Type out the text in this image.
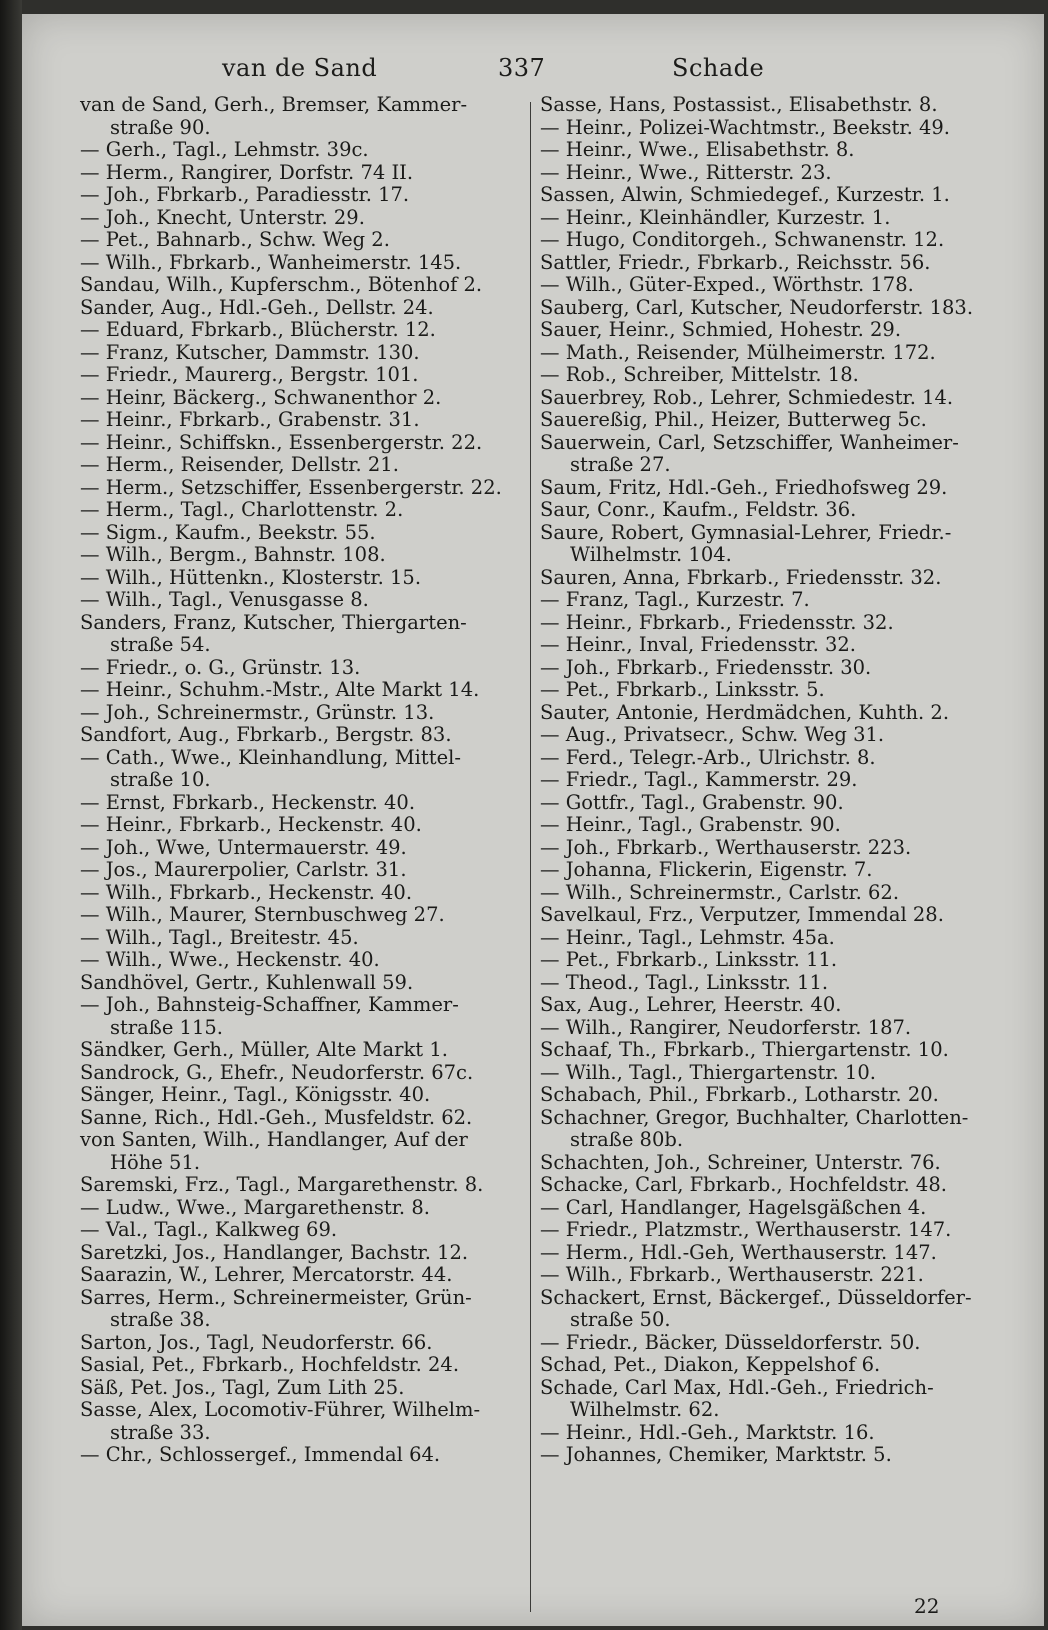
van de Sand	337	Schade
van de Sand, Gerh., Bremser, Kammer-
straße 90.
— Gerh., Tagl., Lehmstr. 39c.
— Herm., Rangirer, Dorfstr. 74 II.
— Joh., Fbrkarb., Paradiesstr. 17.
— Joh., Knecht, Unterstr. 29.
— Pet., Bahnarb., Schw. Weg 2.
— Wilh., Fbrkarb., Wanheimerstr. 145.
Sandau, Wilh., Kupferschm., Bötenhof 2.
Sander, Aug., Hdl.-Geh., Dellstr. 24.
— Eduard, Fbrkarb., Blücherstr. 12.
— Franz, Kutscher, Dammstr. 130.
— Friedr., Maurerg., Bergstr. 101.
— Heinr, Bäckerg., Schwanenthor 2.
— Heinr., Fbrkarb., Grabenstr. 31.
— Heinr., Schiffskn., Essenbergerstr. 22.
— Herm., Reisender, Dellstr. 21.
— Herm., Setzschiffer, Essenbergerstr. 22.
— Herm., Tagl., Charlottenstr. 2.
— Sigm., Kaufm., Beekstr. 55.
— Wilh., Bergm., Bahnstr. 108.
— Wilh., Hüttenkn., Klosterstr. 15.
— Wilh., Tagl., Venusgasse 8.
Sanders, Franz, Kutscher, Thiergarten-
straße 54.
— Friedr., o. G., Grünstr. 13.
— Heinr., Schuhm.-Mstr., Alte Markt 14.
— Joh., Schreinermstr., Grünstr. 13.
Sandfort, Aug., Fbrkarb., Bergstr. 83.
— Cath., Wwe., Kleinhandlung, Mittel-
straße 10.
— Ernst, Fbrkarb., Heckenstr. 40.
— Heinr., Fbrkarb., Heckenstr. 40.
— Joh., Wwe, Untermauerstr. 49.
— Jos., Maurerpolier, Carlstr. 31.
— Wilh., Fbrkarb., Heckenstr. 40.
— Wilh., Maurer, Sternbuschweg 27.
— Wilh., Tagl., Breitestr. 45.
— Wilh., Wwe., Heckenstr. 40.
Sandhövel, Gertr., Kuhlenwall 59.
— Joh., Bahnsteig-Schaffner, Kammer-
straße 115.
Sändker, Gerh., Müller, Alte Markt 1.
Sandrock, G., Ehefr., Neudorferstr. 67c.
Sänger, Heinr., Tagl., Königsstr. 40.
Sanne, Rich., Hdl.-Geh., Musfeldstr. 62.
von Santen, Wilh., Handlanger, Auf der
Höhe 51.
Saremski, Frz., Tagl., Margarethenstr. 8.
— Ludw., Wwe., Margarethenstr. 8.
— Val., Tagl., Kalkweg 69.
Saretzki, Jos., Handlanger, Bachstr. 12.
Saarazin, W., Lehrer, Mercatorstr. 44.
Sarres, Herm., Schreinermeister, Grün-
straße 38.
Sarton, Jos., Tagl, Neudorferstr. 66.
Sasial, Pet., Fbrkarb., Hochfeldstr. 24.
Säß, Pet. Jos., Tagl, Zum Lith 25.
Sasse, Alex, Locomotiv-Führer, Wilhelm-
straße 33.
— Chr., Schlossergef., Immendal 64.
Sasse, Hans, Postassist., Elisabethstr. 8.
— Heinr., Polizei-Wachtmstr., Beekstr. 49.
— Heinr., Wwe., Elisabethstr. 8.
— Heinr., Wwe., Ritterstr. 23.
Sassen, Alwin, Schmiedegef., Kurzestr. 1.
— Heinr., Kleinhändler, Kurzestr. 1.
— Hugo, Conditorgeh., Schwanenstr. 12.
Sattler, Friedr., Fbrkarb., Reichsstr. 56.
— Wilh., Güter-Exped., Wörthstr. 178.
Sauberg, Carl, Kutscher, Neudorferstr. 183.
Sauer, Heinr., Schmied, Hohestr. 29.
— Math., Reisender, Mülheimerstr. 172.
— Rob., Schreiber, Mittelstr. 18.
Sauerbrey, Rob., Lehrer, Schmiedestr. 14.
Sauereßig, Phil., Heizer, Butterweg 5c.
Sauerwein, Carl, Setzschiffer, Wanheimer-
straße 27.
Saum, Fritz, Hdl.-Geh., Friedhofsweg 29.
Saur, Conr., Kaufm., Feldstr. 36.
Saure, Robert, Gymnasial-Lehrer, Friedr.-
Wilhelmstr. 104.
Sauren, Anna, Fbrkarb., Friedensstr. 32.
— Franz, Tagl., Kurzestr. 7.
— Heinr., Fbrkarb., Friedensstr. 32.
— Heinr., Inval, Friedensstr. 32.
— Joh., Fbrkarb., Friedensstr. 30.
— Pet., Fbrkarb., Linksstr. 5.
Sauter, Antonie, Herdmädchen, Kuhth. 2.
— Aug., Privatsecr., Schw. Weg 31.
— Ferd., Telegr.-Arb., Ulrichstr. 8.
— Friedr., Tagl., Kammerstr. 29.
— Gottfr., Tagl., Grabenstr. 90.
— Heinr., Tagl., Grabenstr. 90.
— Joh., Fbrkarb., Werthauserstr. 223.
— Johanna, Flickerin, Eigenstr. 7.
— Wilh., Schreinermstr., Carlstr. 62.
Savelkaul, Frz., Verputzer, Immendal 28.
— Heinr., Tagl., Lehmstr. 45a.
— Pet., Fbrkarb., Linksstr. 11.
— Theod., Tagl., Linksstr. 11.
Sax, Aug., Lehrer, Heerstr. 40.
— Wilh., Rangirer, Neudorferstr. 187.
Schaaf, Th., Fbrkarb., Thiergartenstr. 10.
— Wilh., Tagl., Thiergartenstr. 10.
Schabach, Phil., Fbrkarb., Lotharstr. 20.
Schachner, Gregor, Buchhalter, Charlotten-
straße 80b.
Schachten, Joh., Schreiner, Unterstr. 76.
Schacke, Carl, Fbrkarb., Hochfeldstr. 48.
— Carl, Handlanger, Hagelsgäßchen 4.
— Friedr., Platzmstr., Werthauserstr. 147.
— Herm., Hdl.-Geh, Werthauserstr. 147.
— Wilh., Fbrkarb., Werthauserstr. 221.
Schackert, Ernst, Bäckergef., Düsseldorfer-
straße 50.
— Friedr., Bäcker, Düsseldorferstr. 50.
Schad, Pet., Diakon, Keppelshof 6.
Schade, Carl Max, Hdl.-Geh., Friedrich-
Wilhelmstr. 62.
— Heinr., Hdl.-Geh., Marktstr. 16.
— Johannes, Chemiker, Marktstr. 5.
22
